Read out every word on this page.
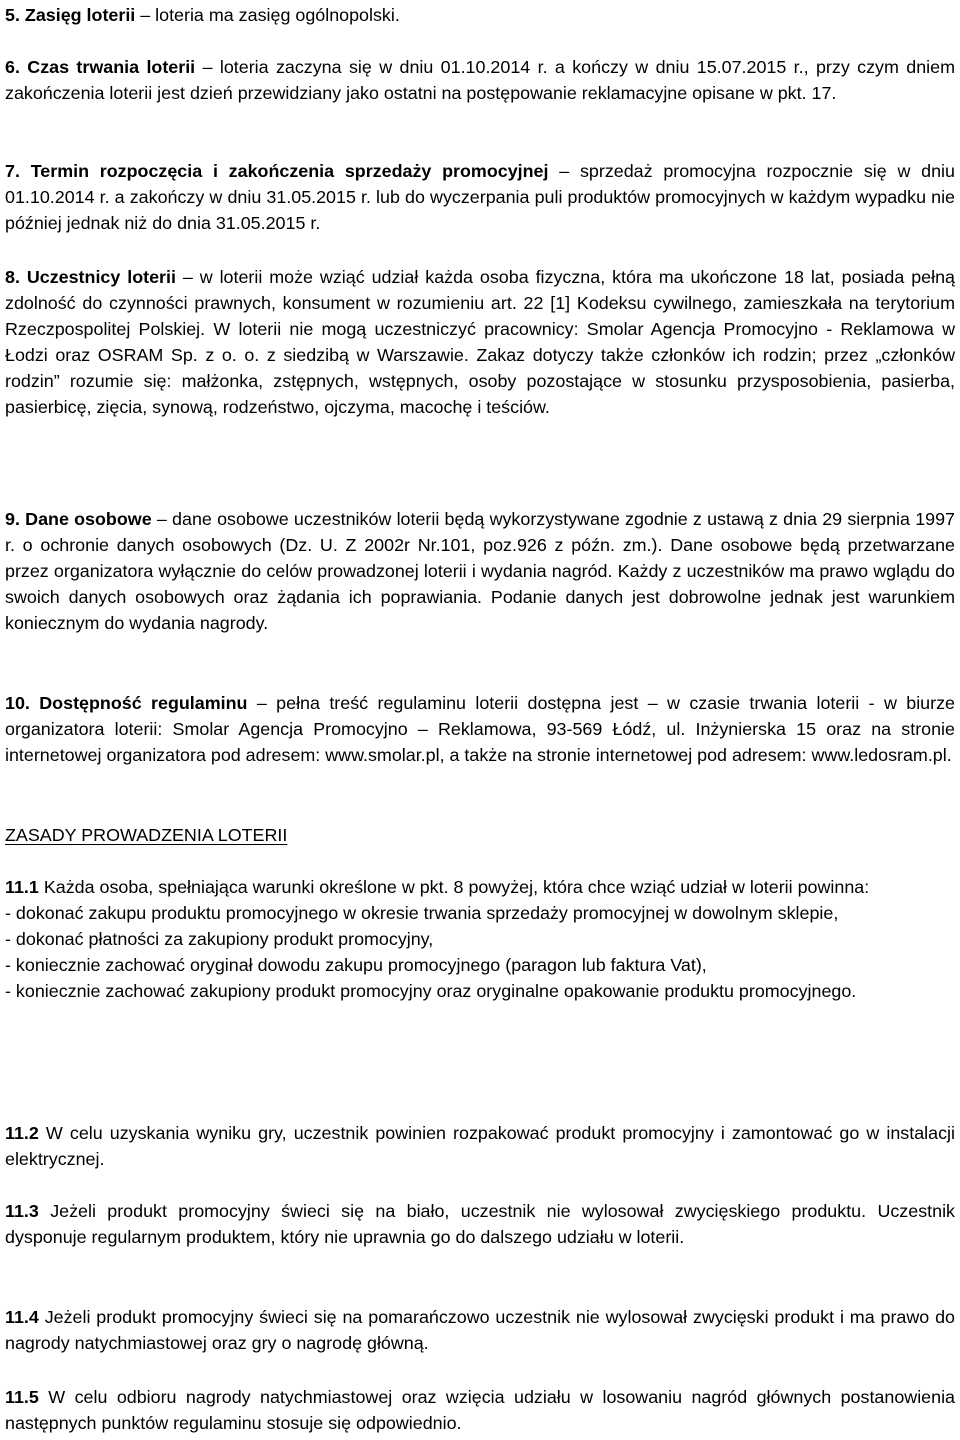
5. Zasięg loterii – loteria ma zasięg ogólnopolski.

6. Czas trwania loterii – loteria zaczyna się w dniu 01.10.2014 r. a kończy w dniu 15.07.2015 r., przy czym dniem zakończenia loterii jest dzień przewidziany jako ostatni na postępowanie reklamacyjne opisane w pkt. 17.

7. Termin rozpoczęcia i zakończenia sprzedaży promocyjnej – sprzedaż promocyjna rozpocznie się w dniu 01.10.2014 r. a zakończy w dniu 31.05.2015 r. lub do wyczerpania puli produktów promocyjnych w każdym wypadku nie później jednak niż do dnia 31.05.2015 r.

8. Uczestnicy loterii – w loterii może wziąć udział każda osoba fizyczna, która ma ukończone 18 lat, posiada pełną zdolność do czynności prawnych, konsument w rozumieniu art. 22 [1] Kodeksu cywilnego, zamieszkała na terytorium Rzeczpospolitej Polskiej. W loterii nie mogą uczestniczyć pracownicy: Smolar Agencja Promocyjno - Reklamowa w Łodzi oraz OSRAM Sp. z o. o. z siedzibą w Warszawie. Zakaz dotyczy także członków ich rodzin; przez „członków rodzin” rozumie się: małżonka, zstępnych, wstępnych, osoby pozostające w stosunku przysposobienia, pasierba, pasierbicę, zięcia, synową, rodzeństwo, ojczyma, macochę i teściów.

9. Dane osobowe – dane osobowe uczestników loterii będą wykorzystywane zgodnie z ustawą z dnia 29 sierpnia 1997 r. o ochronie danych osobowych (Dz. U. Z 2002r Nr.101, poz.926 z późn. zm.). Dane osobowe będą przetwarzane przez organizatora wyłącznie do celów prowadzonej loterii i wydania nagród. Każdy z uczestników ma prawo wglądu do swoich danych osobowych oraz żądania ich poprawiania. Podanie danych jest dobrowolne jednak jest warunkiem koniecznym do wydania nagrody.

10. Dostępność regulaminu – pełna treść regulaminu loterii dostępna jest – w czasie trwania loterii - w biurze organizatora loterii: Smolar Agencja Promocyjno – Reklamowa, 93-569 Łódź, ul. Inżynierska 15 oraz na stronie internetowej organizatora pod adresem: www.smolar.pl, a także na stronie internetowej pod adresem: www.ledosram.pl.

ZASADY PROWADZENIA LOTERII

11.1 Każda osoba, spełniająca warunki określone w pkt. 8 powyżej, która chce wziąć udział w loterii powinna:
- dokonać zakupu produktu promocyjnego w okresie trwania sprzedaży promocyjnej w dowolnym sklepie,
- dokonać płatności za zakupiony produkt promocyjny,
- koniecznie zachować oryginał dowodu zakupu promocyjnego (paragon lub faktura Vat),
- koniecznie zachować zakupiony produkt promocyjny oraz oryginalne opakowanie produktu promocyjnego.

11.2 W celu uzyskania wyniku gry, uczestnik powinien rozpakować produkt promocyjny i zamontować go w instalacji elektrycznej.

11.3 Jeżeli produkt promocyjny świeci się na biało, uczestnik nie wylosował zwycięskiego produktu. Uczestnik dysponuje regularnym produktem, który nie uprawnia go do dalszego udziału w loterii.

11.4 Jeżeli produkt promocyjny świeci się na pomarańczowo uczestnik nie wylosował zwycięski produkt i ma prawo do nagrody natychmiastowej oraz gry o nagrodę główną.

11.5 W celu odbioru nagrody natychmiastowej oraz wzięcia udziału w losowaniu nagród głównych postanowienia następnych punktów regulaminu stosuje się odpowiednio.
